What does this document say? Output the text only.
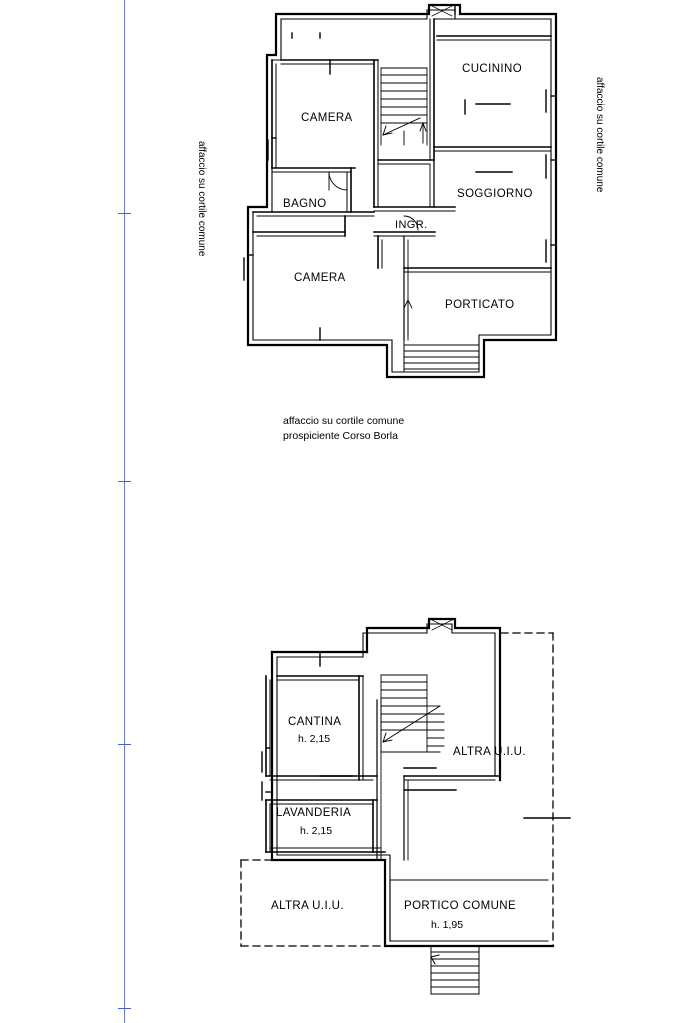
CUCININO
CAMERA
SOGGIORNO
BAGNO
INGR.
CAMERA
PORTICATO
affaccio su cortile comune
affaccio su cortile comune
affaccio su cortile comune
prospiciente Corso Borla
CANTINA
h. 2,15
ALTRA U.I.U.
LAVANDERIA
h. 2,15
ALTRA U.I.U.	PORTICO COMUNE
h. 1,95
